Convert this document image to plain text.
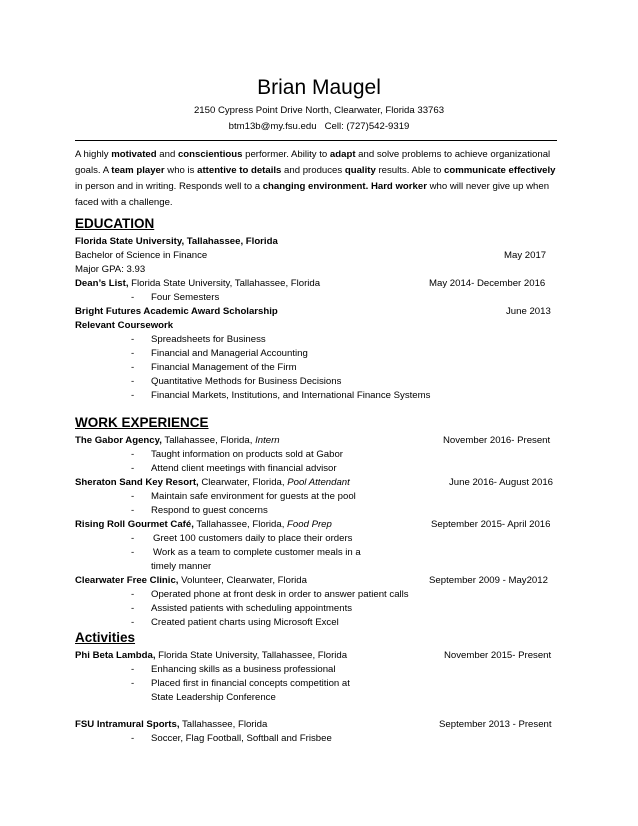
Brian Maugel
2150 Cypress Point Drive North, Clearwater, Florida 33763
btm13b@my.fsu.edu Cell: (727)542-9319
A highly motivated and conscientious performer. Ability to adapt and solve problems to achieve organizational goals. A team player who is attentive to details and produces quality results. Able to communicate effectively in person and in writing. Responds well to a changing environment. Hard worker who will never give up when faced with a challenge.
EDUCATION
Florida State University, Tallahassee, Florida
Bachelor of Science in Finance	May 2017
Major GPA: 3.93
Dean’s List, Florida State University, Tallahassee, Florida	May 2014- December 2016
- Four Semesters
Bright Futures Academic Award Scholarship	June 2013
Relevant Coursework
- Spreadsheets for Business
- Financial and Managerial Accounting
- Financial Management of the Firm
- Quantitative Methods for Business Decisions
- Financial Markets, Institutions, and International Finance Systems
WORK EXPERIENCE
The Gabor Agency, Tallahassee, Florida, Intern	November 2016- Present
- Taught information on products sold at Gabor
- Attend client meetings with financial advisor
Sheraton Sand Key Resort, Clearwater, Florida, Pool Attendant	June 2016- August 2016
- Maintain safe environment for guests at the pool
- Respond to guest concerns
Rising Roll Gourmet Café, Tallahassee, Florida, Food Prep	September 2015- April 2016
- Greet 100 customers daily to place their orders
- Work as a team to complete customer meals in a
timely manner
Clearwater Free Clinic, Volunteer, Clearwater, Florida	September 2009 - May2012
- Operated phone at front desk in order to answer patient calls
- Assisted patients with scheduling appointments
- Created patient charts using Microsoft Excel
Activities
Phi Beta Lambda, Florida State University, Tallahassee, Florida	November 2015- Present
- Enhancing skills as a business professional
- Placed first in financial concepts competition at
State Leadership Conference
FSU Intramural Sports, Tallahassee, Florida	September 2013 - Present
- Soccer, Flag Football, Softball and Frisbee
